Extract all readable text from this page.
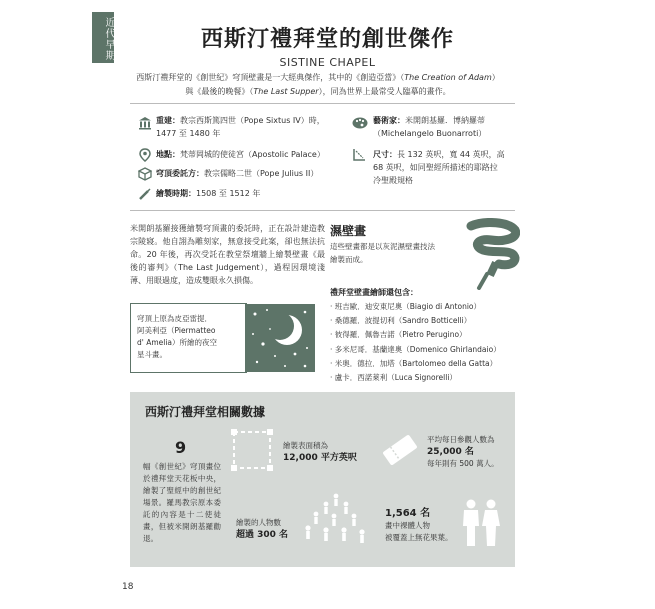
近代早期	西斯汀禮拜堂的創世傑作
SISTINE CHAPEL
西斯汀禮拜堂的《創世紀》穹頂壁畫是一大經典傑作，其中的《創造亞當》（The Creation of Adam）
與《最後的晚餐》（The Last Supper），同為世界上最常受人臨摹的畫作。
重建：教宗西斯篤四世（Pope Sixtus IV）時，
1477 至 1480 年
地點：梵蒂岡城的使徒宮（Apostolic Palace）
穹頂委託方：教宗儒略二世（Pope Julius II）
繪製時期：1508 至 1512 年
藝術家：米開朗基羅．博納羅蒂
（Michelangelo Buonarroti）
尺寸：長 132 英呎，寬 44 英呎，高
68 英呎，如同聖經所描述的耶路拉
冷聖殿規格
米開朗基羅接獲繪製穹頂畫的委託時，正在設計建造教宗陵寢。他自詡為雕刻家，無意接受此案，卻也無法抗命。20 年後，再次受託在教堂祭壇牆上繪製壁畫《最後的審判》（The Last Judgement），過程因環境淺薄、用眼過度，造成雙眼永久損傷。
穹頂上原為皮亞雷提．
阿美利亞（Piermatteo
d' Amelia）所繪的夜空
星斗畫。
濕壁畫
這些壁畫都是以灰泥濕壁畫技法
繪製而成。
禮拜堂壁畫繪師還包含：
· 班吉歐．迪安東尼奧（Biagio di Antonio）
· 桑德羅．波提切利（Sandro Botticelli）
· 彼得羅．佩魯吉諾（Pietro Perugino）
· 多米尼哥．基蘭達奧（Domenico Ghirlandaio）
· 米奧．德拉．加塔（Bartolomeo della Gatta）
· 盧卡．西諾萊利（Luca Signorelli）
西斯汀禮拜堂相關數據
9
幅《創世紀》穹頂畫位於禮拜堂天花板中央，繪製了聖經中的創世紀場景。羅馬教宗原本委託的內容是十二使徒畫，但被米開朗基羅勸退。
繪製表面積為
12,000 平方英呎
平均每日參觀人數為
25,000 名
每年則有 500 萬人。
繪製的人物數
超過 300 名
1,564 名
畫中裸體人物
被覆蓋上無花果葉。
18
